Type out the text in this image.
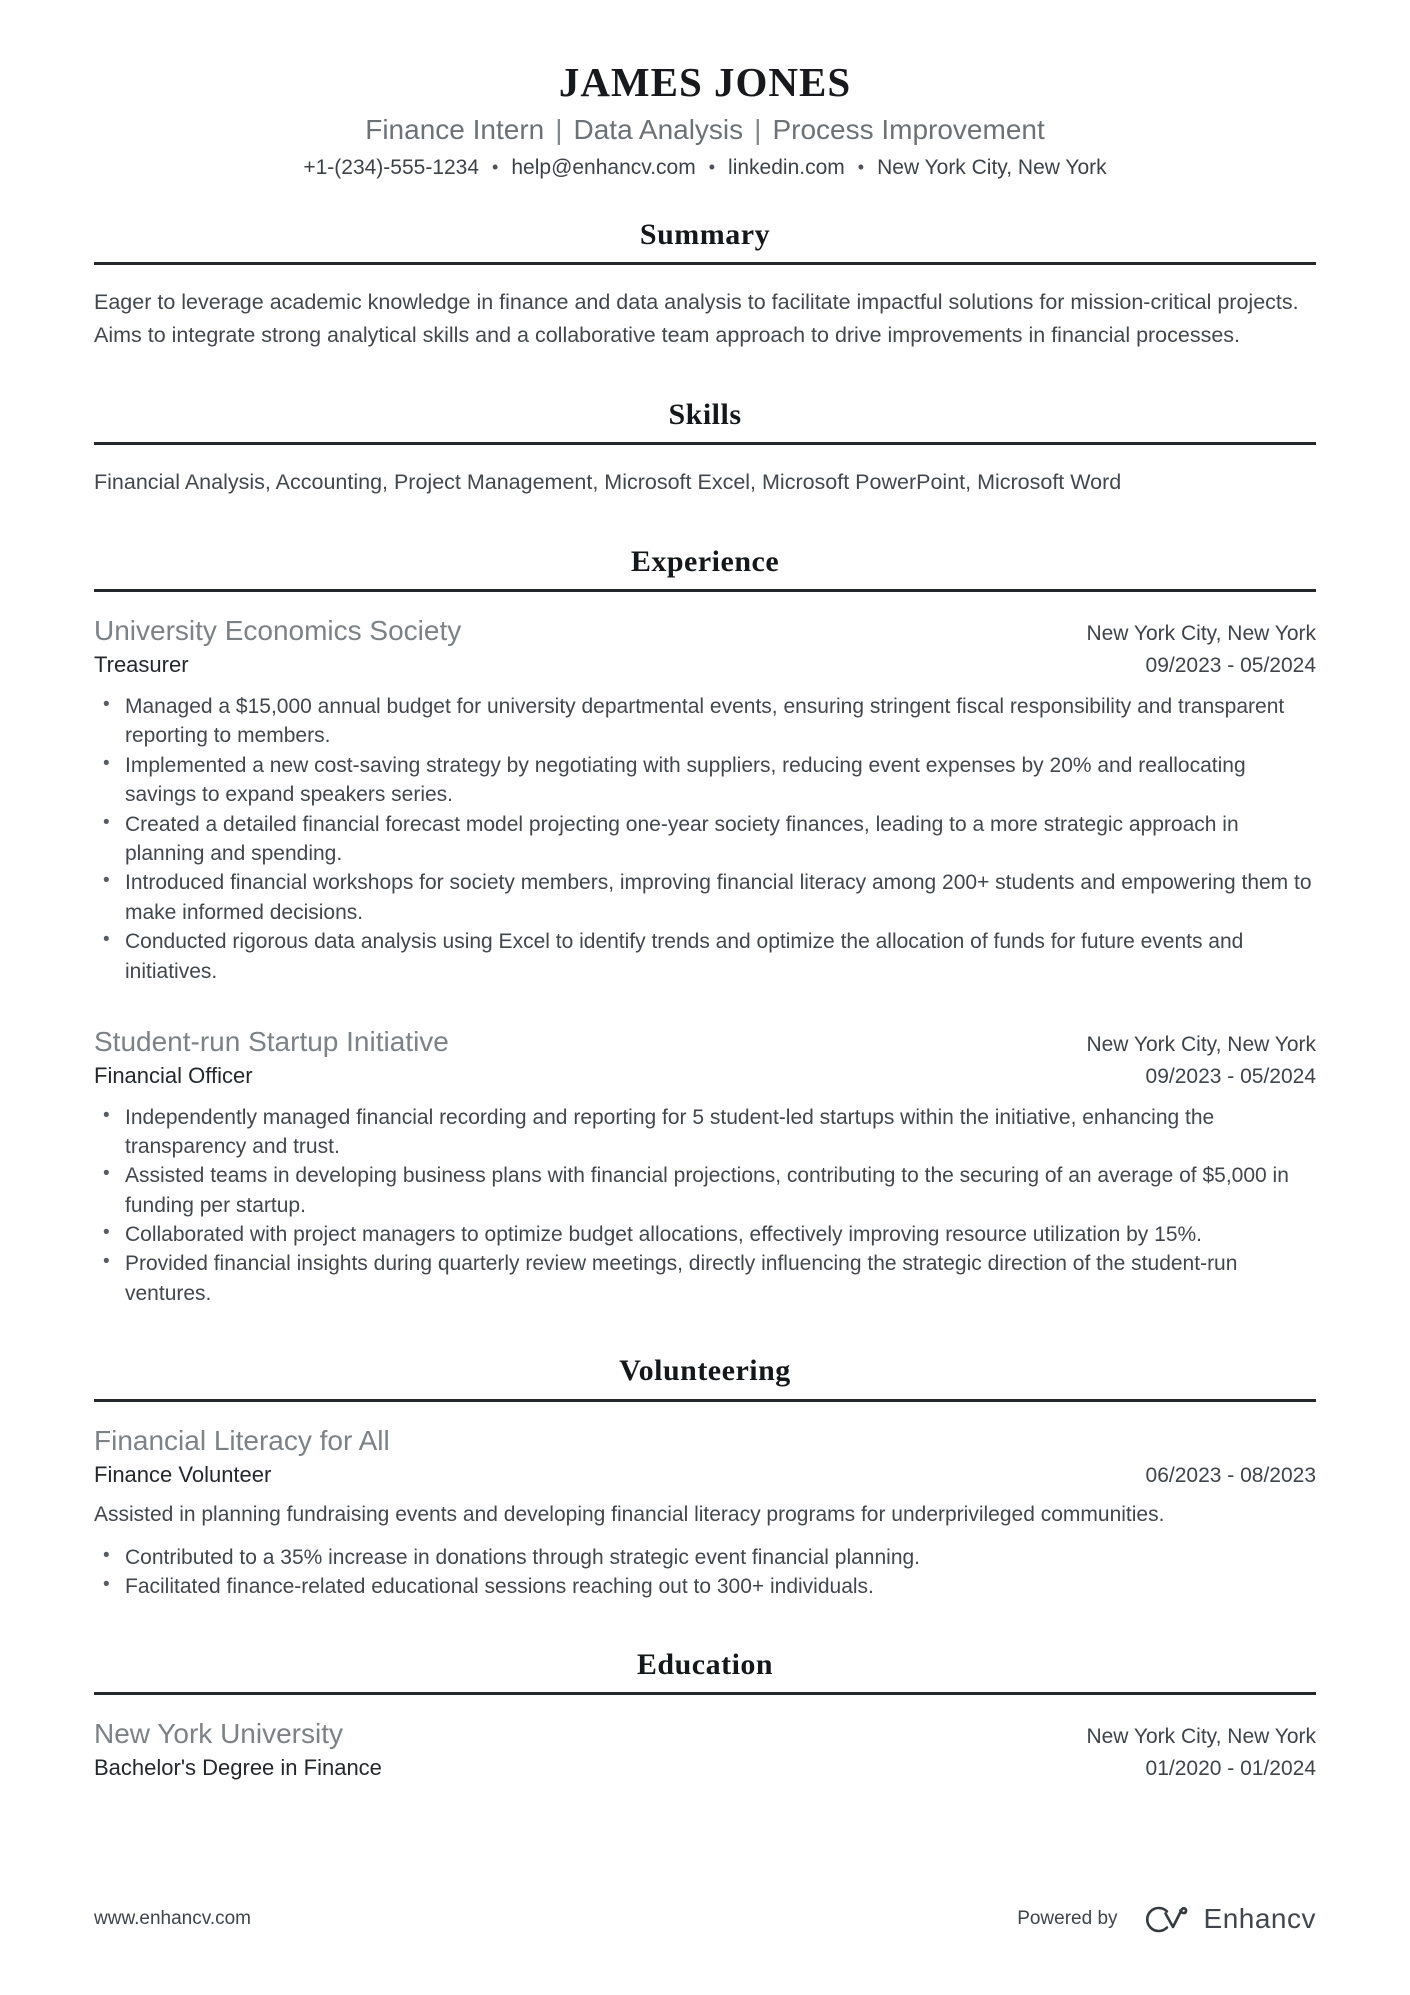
JAMES JONES
Finance Intern | Data Analysis | Process Improvement
+1-(234)-555-1234 • help@enhancv.com • linkedin.com • New York City, New York
Summary

Eager to leverage academic knowledge in finance and data analysis to facilitate impactful solutions for mission-critical projects. Aims to integrate strong analytical skills and a collaborative team approach to drive improvements in financial processes.

Skills

Financial Analysis, Accounting, Project Management, Microsoft Excel, Microsoft PowerPoint, Microsoft Word

Experience
University Economics Society	New York City, New York
Treasurer	09/2023 - 05/2024
• Managed a $15,000 annual budget for university departmental events, ensuring stringent fiscal responsibility and transparent reporting to members.
• Implemented a new cost-saving strategy by negotiating with suppliers, reducing event expenses by 20% and reallocating savings to expand speakers series.
• Created a detailed financial forecast model projecting one-year society finances, leading to a more strategic approach in planning and spending.
• Introduced financial workshops for society members, improving financial literacy among 200+ students and empowering them to make informed decisions.
• Conducted rigorous data analysis using Excel to identify trends and optimize the allocation of funds for future events and initiatives.
Student-run Startup Initiative	New York City, New York
Financial Officer	09/2023 - 05/2024
• Independently managed financial recording and reporting for 5 student-led startups within the initiative, enhancing the transparency and trust.
• Assisted teams in developing business plans with financial projections, contributing to the securing of an average of $5,000 in funding per startup.
• Collaborated with project managers to optimize budget allocations, effectively improving resource utilization by 15%.
• Provided financial insights during quarterly review meetings, directly influencing the strategic direction of the student-run ventures.
Volunteering
Financial Literacy for All
Finance Volunteer	06/2023 - 08/2023

Assisted in planning fundraising events and developing financial literacy programs for underprivileged communities.

• Contributed to a 35% increase in donations through strategic event financial planning.
• Facilitated finance-related educational sessions reaching out to 300+ individuals.
Education
New York University	New York City, New York
Bachelor's Degree in Finance	01/2020 - 01/2024
www.enhancv.com	Powered by	Enhancv
